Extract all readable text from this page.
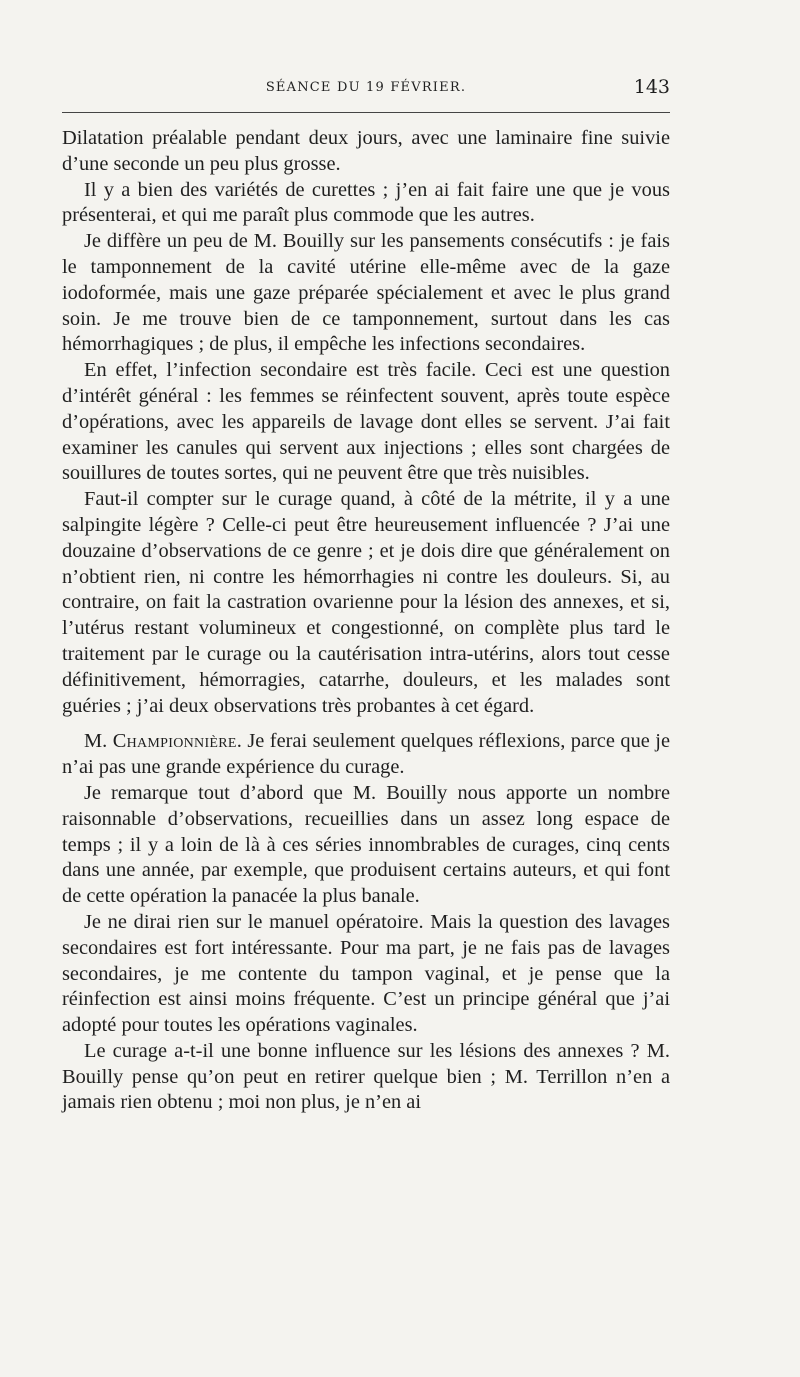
SÉANCE DU 19 FÉVRIER.	143

Dilatation préalable pendant deux jours, avec une laminaire fine suivie d’une seconde un peu plus grosse.

Il y a bien des variétés de curettes ; j’en ai fait faire une que je vous présenterai, et qui me paraît plus commode que les autres.

Je diffère un peu de M. Bouilly sur les pansements consécutifs : je fais le tamponnement de la cavité utérine elle-même avec de la gaze iodoformée, mais une gaze préparée spécialement et avec le plus grand soin. Je me trouve bien de ce tamponnement, surtout dans les cas hémorrhagiques ; de plus, il empêche les infections secondaires.

En effet, l’infection secondaire est très facile. Ceci est une question d’intérêt général : les femmes se réinfectent souvent, après toute espèce d’opérations, avec les appareils de lavage dont elles se servent. J’ai fait examiner les canules qui servent aux injections ; elles sont chargées de souillures de toutes sortes, qui ne peuvent être que très nuisibles.

Faut-il compter sur le curage quand, à côté de la métrite, il y a une salpingite légère ? Celle-ci peut être heureusement influencée ? J’ai une douzaine d’observations de ce genre ; et je dois dire que généralement on n’obtient rien, ni contre les hémorrhagies ni contre les douleurs. Si, au contraire, on fait la castration ovarienne pour la lésion des annexes, et si, l’utérus restant volumineux et congestionné, on complète plus tard le traitement par le curage ou la cautérisation intra-utérins, alors tout cesse définitivement, hémorragies, catarrhe, douleurs, et les malades sont guéries ; j’ai deux observations très probantes à cet égard.

M. Championnière. Je ferai seulement quelques réflexions, parce que je n’ai pas une grande expérience du curage.

Je remarque tout d’abord que M. Bouilly nous apporte un nombre raisonnable d’observations, recueillies dans un assez long espace de temps ; il y a loin de là à ces séries innombrables de curages, cinq cents dans une année, par exemple, que produisent certains auteurs, et qui font de cette opération la panacée la plus banale.

Je ne dirai rien sur le manuel opératoire. Mais la question des lavages secondaires est fort intéressante. Pour ma part, je ne fais pas de lavages secondaires, je me contente du tampon vaginal, et je pense que la réinfection est ainsi moins fréquente. C’est un principe général que j’ai adopté pour toutes les opérations vaginales.

Le curage a-t-il une bonne influence sur les lésions des annexes ? M. Bouilly pense qu’on peut en retirer quelque bien ; M. Terrillon n’en a jamais rien obtenu ; moi non plus, je n’en ai
